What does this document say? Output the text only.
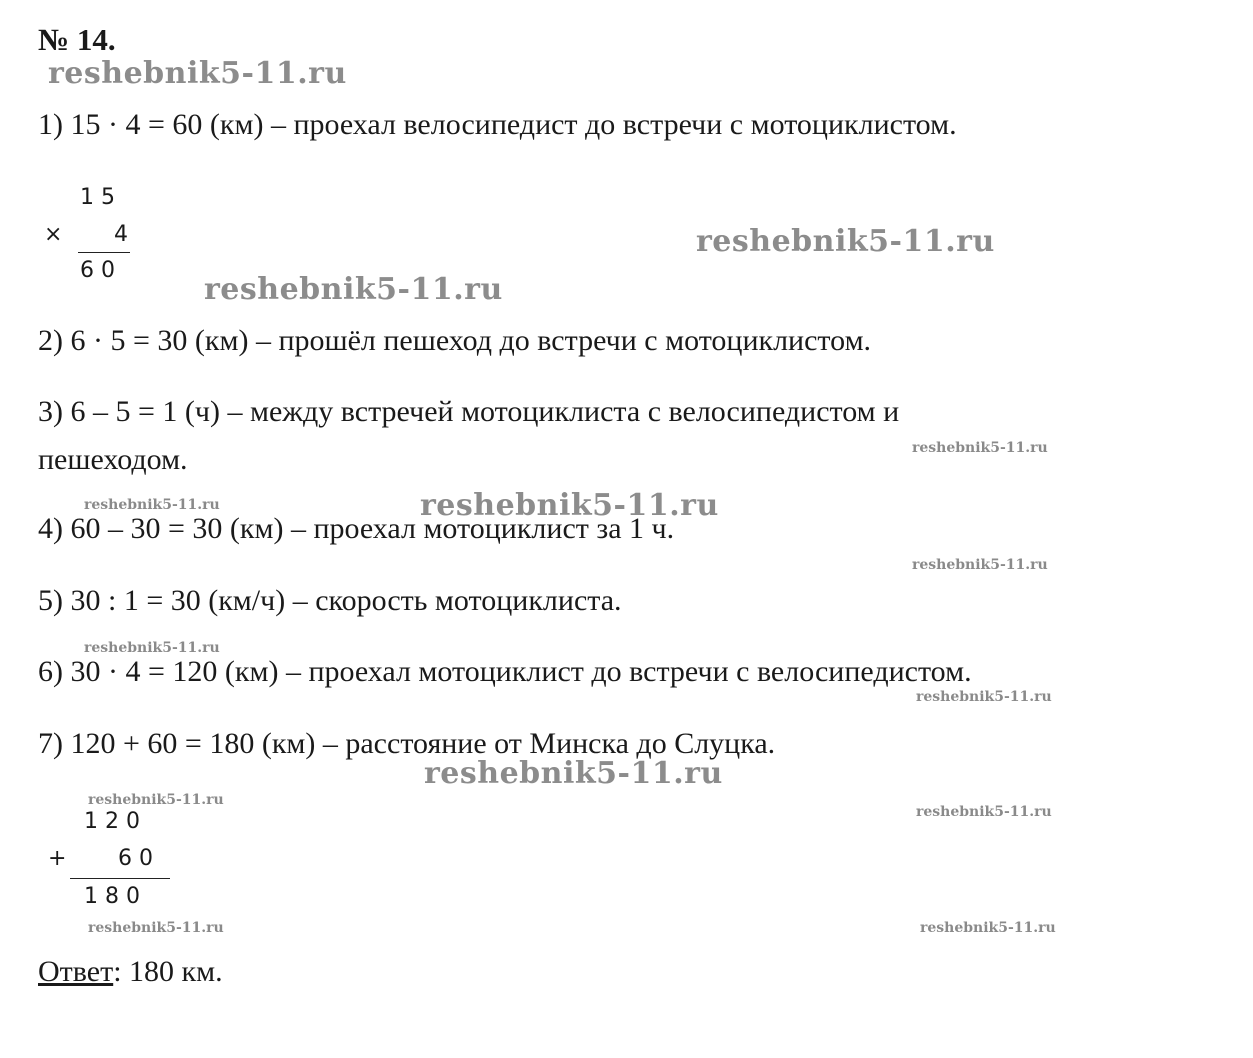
№ 14.
1) 15 · 4 = 60 (км) – проехал велосипедист до встречи с мотоциклистом.
1 5
× 4
6 0
2) 6 · 5 = 30 (км) – прошёл пешеход до встречи с мотоциклистом.
3) 6 – 5 = 1 (ч) – между встречей мотоциклиста с велосипедистом и
пешеходом.
4) 60 – 30 = 30 (км) – проехал мотоциклист за 1 ч.
5) 30 : 1 = 30 (км/ч) – скорость мотоциклиста.
6) 30 · 4 = 120 (км) – проехал мотоциклист до встречи с велосипедистом.
7) 120 + 60 = 180 (км) – расстояние от Минска до Слуцка.
1 2 0
+ 6 0
1 8 0
Ответ: 180 км.
reshebnik5-11.ru
reshebnik5-11.ru
reshebnik5-11.ru
reshebnik5-11.ru
reshebnik5-11.ru
reshebnik5-11.ru
reshebnik5-11.ru
reshebnik5-11.ru
reshebnik5-11.ru
reshebnik5-11.ru
reshebnik5-11.ru
reshebnik5-11.ru
reshebnik5-11.ru	reshebnik5-11.ru
